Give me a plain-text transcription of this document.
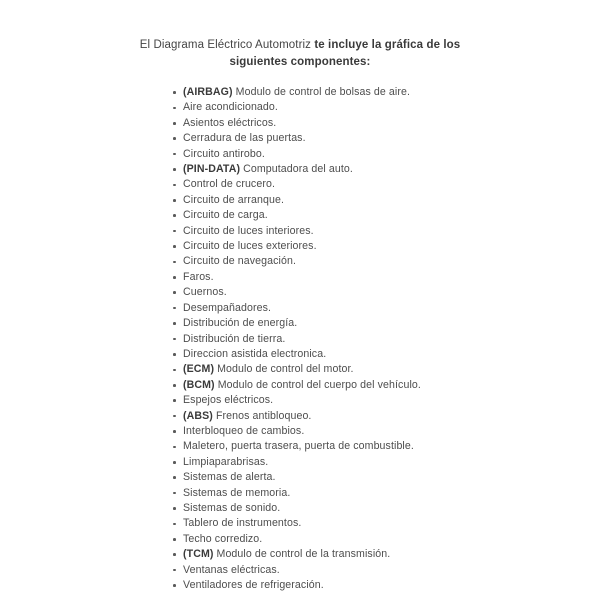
El Diagrama Eléctrico Automotriz te incluye la gráfica de los siguientes componentes:
(AIRBAG) Modulo de control de bolsas de aire.
Aire acondicionado.
Asientos eléctricos.
Cerradura de las puertas.
Circuito antirobo.
(PIN-DATA) Computadora del auto.
Control de crucero.
Circuito de arranque.
Circuito de carga.
Circuito de luces interiores.
Circuito de luces exteriores.
Circuito de navegación.
Faros.
Cuernos.
Desempañadores.
Distribución de energía.
Distribución de tierra.
Direccion asistida electronica.
(ECM) Modulo de control del motor.
(BCM) Modulo de control del cuerpo del vehículo.
Espejos eléctricos.
(ABS) Frenos antibloqueo.
Interbloqueo de cambios.
Maletero, puerta trasera, puerta de combustible.
Limpiaparabrisas.
Sistemas de alerta.
Sistemas de memoria.
Sistemas de sonido.
Tablero de instrumentos.
Techo corredizo.
(TCM) Modulo de control de la transmisión.
Ventanas eléctricas.
Ventiladores de refrigeración.
